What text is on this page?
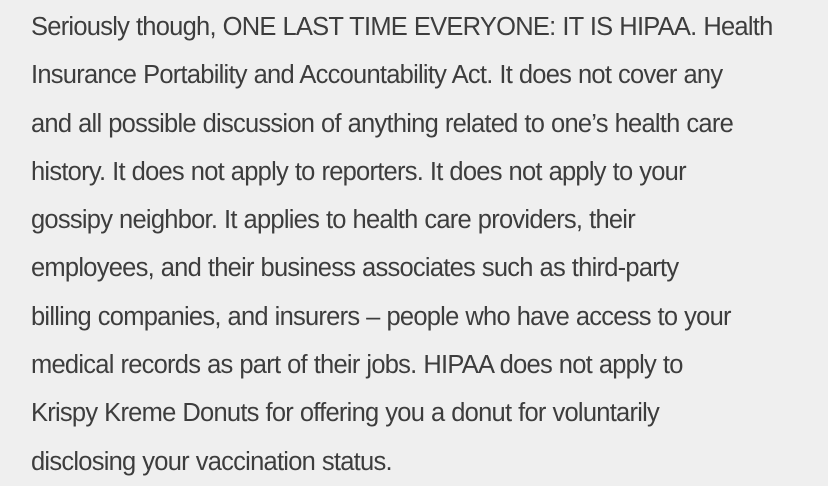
Seriously though, ONE LAST TIME EVERYONE: IT IS HIPAA. Health
Insurance Portability and Accountability Act. It does not cover any
and all possible discussion of anything related to one’s health care
history. It does not apply to reporters. It does not apply to your
gossipy neighbor. It applies to health care providers, their
employees, and their business associates such as third-party
billing companies, and insurers – people who have access to your
medical records as part of their jobs. HIPAA does not apply to
Krispy Kreme Donuts for offering you a donut for voluntarily
disclosing your vaccination status.
